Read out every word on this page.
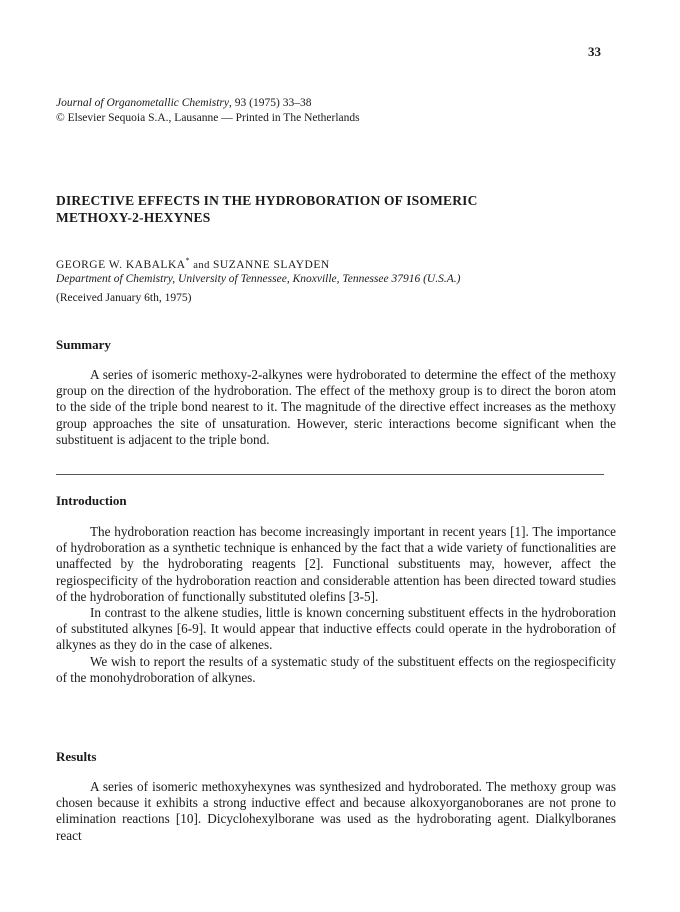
33
Journal of Organometallic Chemistry, 93 (1975) 33–38
© Elsevier Sequoia S.A., Lausanne — Printed in The Netherlands
DIRECTIVE EFFECTS IN THE HYDROBORATION OF ISOMERIC
METHOXY-2-HEXYNES
GEORGE W. KABALKA* and SUZANNE SLAYDEN
Department of Chemistry, University of Tennessee, Knoxville, Tennessee 37916 (U.S.A.)
(Received January 6th, 1975)
Summary

A series of isomeric methoxy-2-alkynes were hydroborated to determine the effect of the methoxy group on the direction of the hydroboration. The effect of the methoxy group is to direct the boron atom to the side of the triple bond nearest to it. The magnitude of the directive effect increases as the methoxy group approaches the site of unsaturation. However, steric interactions become significant when the substituent is adjacent to the triple bond.

Introduction

The hydroboration reaction has become increasingly important in recent years [1]. The importance of hydroboration as a synthetic technique is enhanced by the fact that a wide variety of functionalities are unaffected by the hydroborating reagents [2]. Functional substituents may, however, affect the regiospecificity of the hydroboration reaction and considerable attention has been directed toward studies of the hydroboration of functionally substituted olefins [3-5].

In contrast to the alkene studies, little is known concerning substituent effects in the hydroboration of substituted alkynes [6-9]. It would appear that inductive effects could operate in the hydroboration of alkynes as they do in the case of alkenes.

We wish to report the results of a systematic study of the substituent effects on the regiospecificity of the monohydroboration of alkynes.

Results

A series of isomeric methoxyhexynes was synthesized and hydroborated. The methoxy group was chosen because it exhibits a strong inductive effect and because alkoxyorganoboranes are not prone to elimination reactions [10]. Dicyclohexylborane was used as the hydroborating agent. Dialkylboranes react
